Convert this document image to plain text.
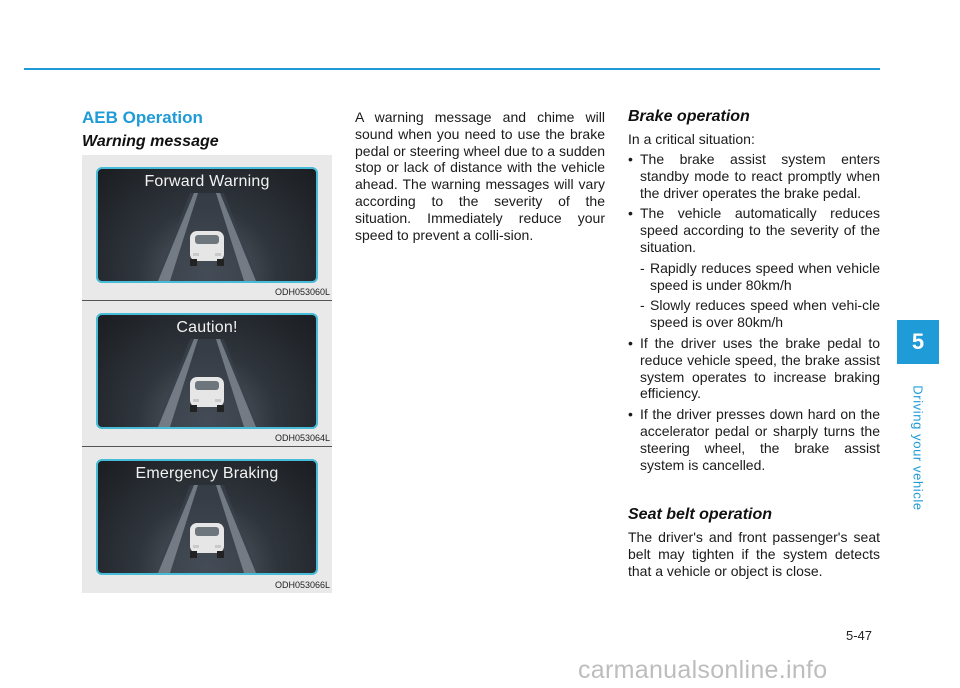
AEB Operation
Warning message
Forward Warning
ODH053060L
Caution!
ODH053064L
Emergency Braking
ODH053066L

A warning message and chime will sound when you need to use the brake pedal or steering wheel due to a sudden stop or lack of distance with the vehicle ahead. The warning messages will vary according to the severity of the situation. Immediately reduce your speed to prevent a colli-sion.

Brake operation

In a critical situation:

• The brake assist system enters standby mode to react promptly when the driver operates the brake pedal.
• The vehicle automatically reduces speed according to the severity of the situation.
- Rapidly reduces speed when vehicle speed is under 80km/h
- Slowly reduces speed when vehi-cle speed is over 80km/h
• If the driver uses the brake pedal to reduce vehicle speed, the brake assist system operates to increase braking efficiency.
• If the driver presses down hard on the accelerator pedal or sharply turns the steering wheel, the brake assist system is cancelled.
Seat belt operation

The driver's and front passenger's seat belt may tighten if the system detects that a vehicle or object is close.

5
Driving your vehicle
5-47
carmanualsonline.info
